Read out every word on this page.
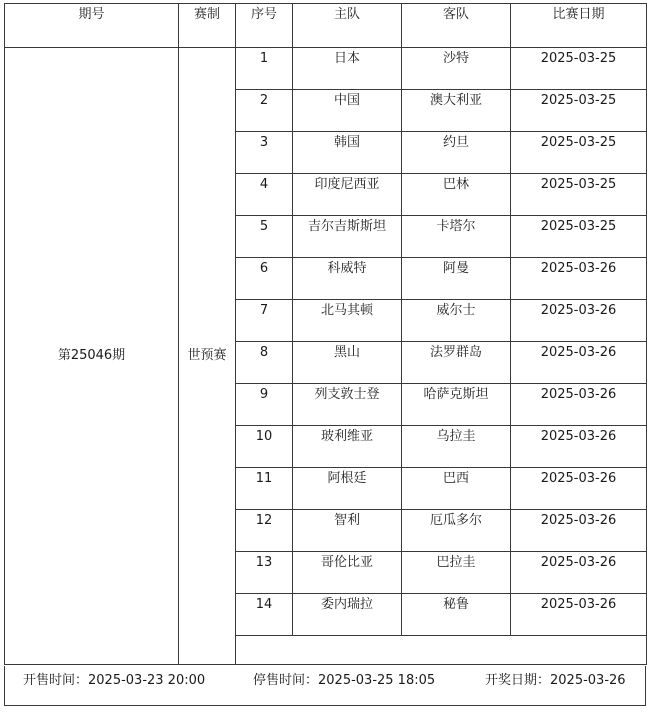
期号	赛制	序号	主队	客队	比赛日期
第25046期	世预赛	1	日本	沙特	2025-03-25
		2	中国	澳大利亚	2025-03-25
		3	韩国	约旦	2025-03-25
		4	印度尼西亚	巴林	2025-03-25
		5	吉尔吉斯斯坦	卡塔尔	2025-03-25
		6	科威特	阿曼	2025-03-26
		7	北马其顿	威尔士	2025-03-26
		8	黑山	法罗群岛	2025-03-26
		9	列支敦士登	哈萨克斯坦	2025-03-26
		10	玻利维亚	乌拉圭	2025-03-26
		11	阿根廷	巴西	2025-03-26
		12	智利	厄瓜多尔	2025-03-26
		13	哥伦比亚	巴拉圭	2025-03-26
		14	委内瑞拉	秘鲁	2025-03-26

开售时间：2025-03-23 20:00	停售时间：2025-03-25 18:05	开奖日期：2025-03-26
